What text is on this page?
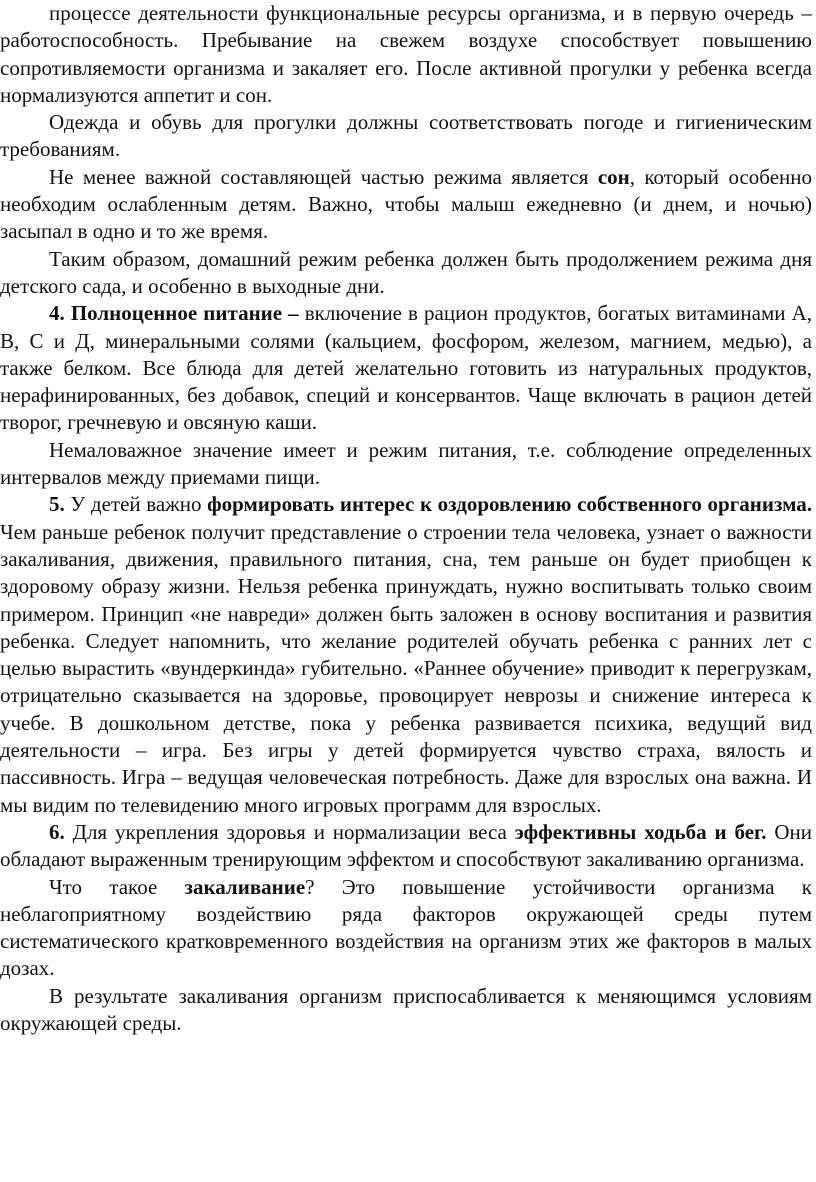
процессе деятельности функциональные ресурсы организма, и в первую очередь – работоспособность. Пребывание на свежем воздухе способствует повышению сопротивляемости организма и закаляет его. После активной прогулки у ребенка всегда нормализуются аппетит и сон.

Одежда и обувь для прогулки должны соответствовать погоде и гигиеническим требованиям.

Не менее важной составляющей частью режима является сон, который особенно необходим ослабленным детям. Важно, чтобы малыш ежедневно (и днем, и ночью) засыпал в одно и то же время.

Таким образом, домашний режим ребенка должен быть продолжением режима дня детского сада, и особенно в выходные дни.

4. Полноценное питание – включение в рацион продуктов, богатых витаминами А, В, С и Д, минеральными солями (кальцием, фосфором, железом, магнием, медью), а также белком. Все блюда для детей желательно готовить из натуральных продуктов, нерафинированных, без добавок, специй и консервантов. Чаще включать в рацион детей творог, гречневую и овсяную каши.

Немаловажное значение имеет и режим питания, т.е. соблюдение определенных интервалов между приемами пищи.

5. У детей важно формировать интерес к оздоровлению собственного организма. Чем раньше ребенок получит представление о строении тела человека, узнает о важности закаливания, движения, правильного питания, сна, тем раньше он будет приобщен к здоровому образу жизни. Нельзя ребенка принуждать, нужно воспитывать только своим примером. Принцип «не навреди» должен быть заложен в основу воспитания и развития ребенка. Следует напомнить, что желание родителей обучать ребенка с ранних лет с целью вырастить «вундеркинда» губительно. «Раннее обучение» приводит к перегрузкам, отрицательно сказывается на здоровье, провоцирует неврозы и снижение интереса к учебе. В дошкольном детстве, пока у ребенка развивается психика, ведущий вид деятельности – игра. Без игры у детей формируется чувство страха, вялость и пассивность. Игра – ведущая человеческая потребность. Даже для взрослых она важна. И мы видим по телевидению много игровых программ для взрослых.

6. Для укрепления здоровья и нормализации веса эффективны ходьба и бег. Они обладают выраженным тренирующим эффектом и способствуют закаливанию организма.

Что такое закаливание? Это повышение устойчивости организма к неблагоприятному воздействию ряда факторов окружающей среды путем систематического кратковременного воздействия на организм этих же факторов в малых дозах.

В результате закаливания организм приспосабливается к меняющимся условиям окружающей среды.
